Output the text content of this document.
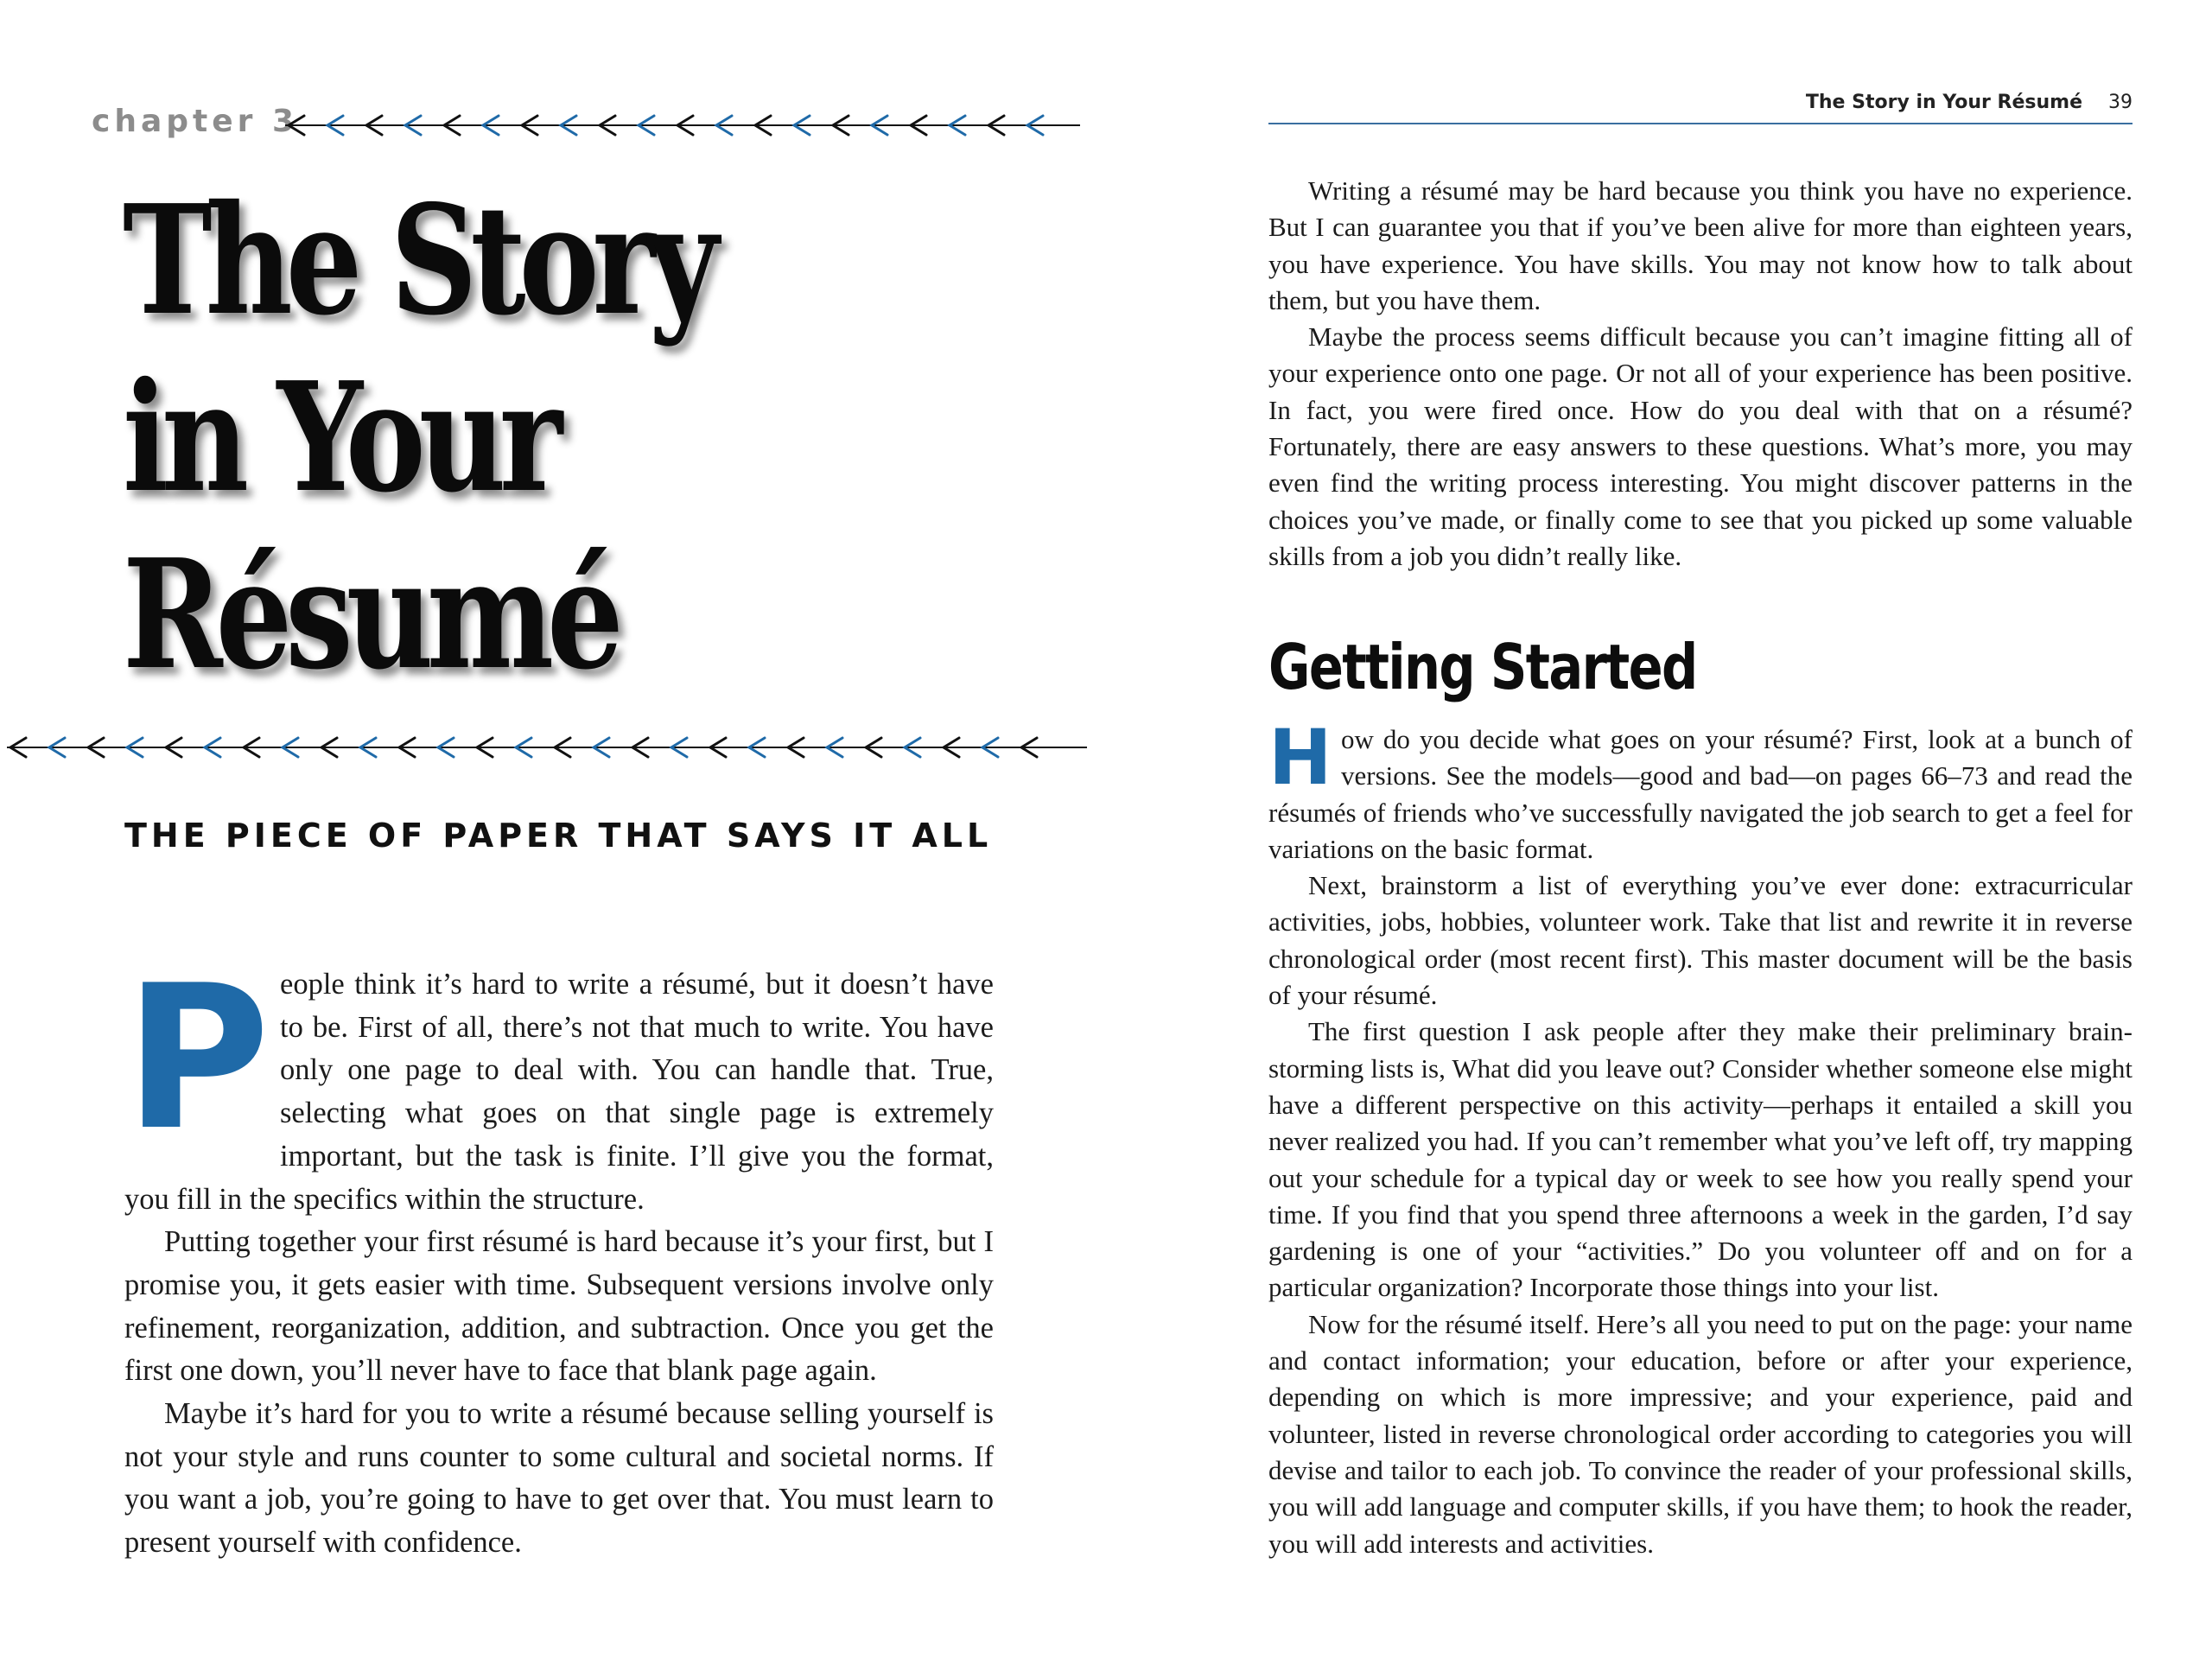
chapter 3
The Story
in Your
Résumé
THE PIECE OF PAPER THAT SAYS IT ALL

People think it’s hard to write a résumé, but it doesn’t have to be. First of all, there’s not that much to write. You have only one page to deal with. You can handle that. True, selecting what goes on that single page is extremely important, but the task is finite. I’ll give you the format, you fill in the specifics within the structure.

Putting together your first résumé is hard because it’s your first, but I promise you, it gets easier with time. Subsequent versions involve only refinement, reorganization, addition, and subtraction. Once you get the first one down, you’ll never have to face that blank page again.

Maybe it’s hard for you to write a résumé because selling yourself is not your style and runs counter to some cultural and societal norms. If you want a job, you’re going to have to get over that. You must learn to present yourself with confidence.

The Story in Your Résumé 39

Writing a résumé may be hard because you think you have no experience. But I can guarantee you that if you’ve been alive for more than eighteen years, you have experience. You have skills. You may not know how to talk about them, but you have them.

Maybe the process seems difficult because you can’t imagine fitting all of your experience onto one page. Or not all of your experience has been positive. In fact, you were fired once. How do you deal with that on a résumé? Fortunately, there are easy answers to these questions. What’s more, you may even find the writing process interesting. You might discover patterns in the choices you’ve made, or finally come to see that you picked up some valuable skills from a job you didn’t really like.

Getting Started

How do you decide what goes on your résumé? First, look at a bunch of versions. See the models—good and bad—on pages 66–73 and read the résumés of friends who’ve successfully navigated the job search to get a feel for variations on the basic format.

Next, brainstorm a list of everything you’ve ever done: extracurricular activities, jobs, hobbies, volunteer work. Take that list and rewrite it in reverse chronological order (most recent first). This master document will be the basis of your résumé.

The first question I ask people after they make their preliminary brainstorming lists is, What did you leave out? Consider whether someone else might have a different perspective on this activity—perhaps it entailed a skill you never realized you had. If you can’t remember what you’ve left off, try mapping out your schedule for a typical day or week to see how you really spend your time. If you find that you spend three afternoons a week in the garden, I’d say gardening is one of your “activities.” Do you volunteer off and on for a particular organization? Incorporate those things into your list.

Now for the résumé itself. Here’s all you need to put on the page: your name and contact information; your education, before or after your experience, depending on which is more impressive; and your experience, paid and volunteer, listed in reverse chronological order according to categories you will devise and tailor to each job. To convince the reader of your professional skills, you will add language and computer skills, if you have them; to hook the reader, you will add interests and activities.
